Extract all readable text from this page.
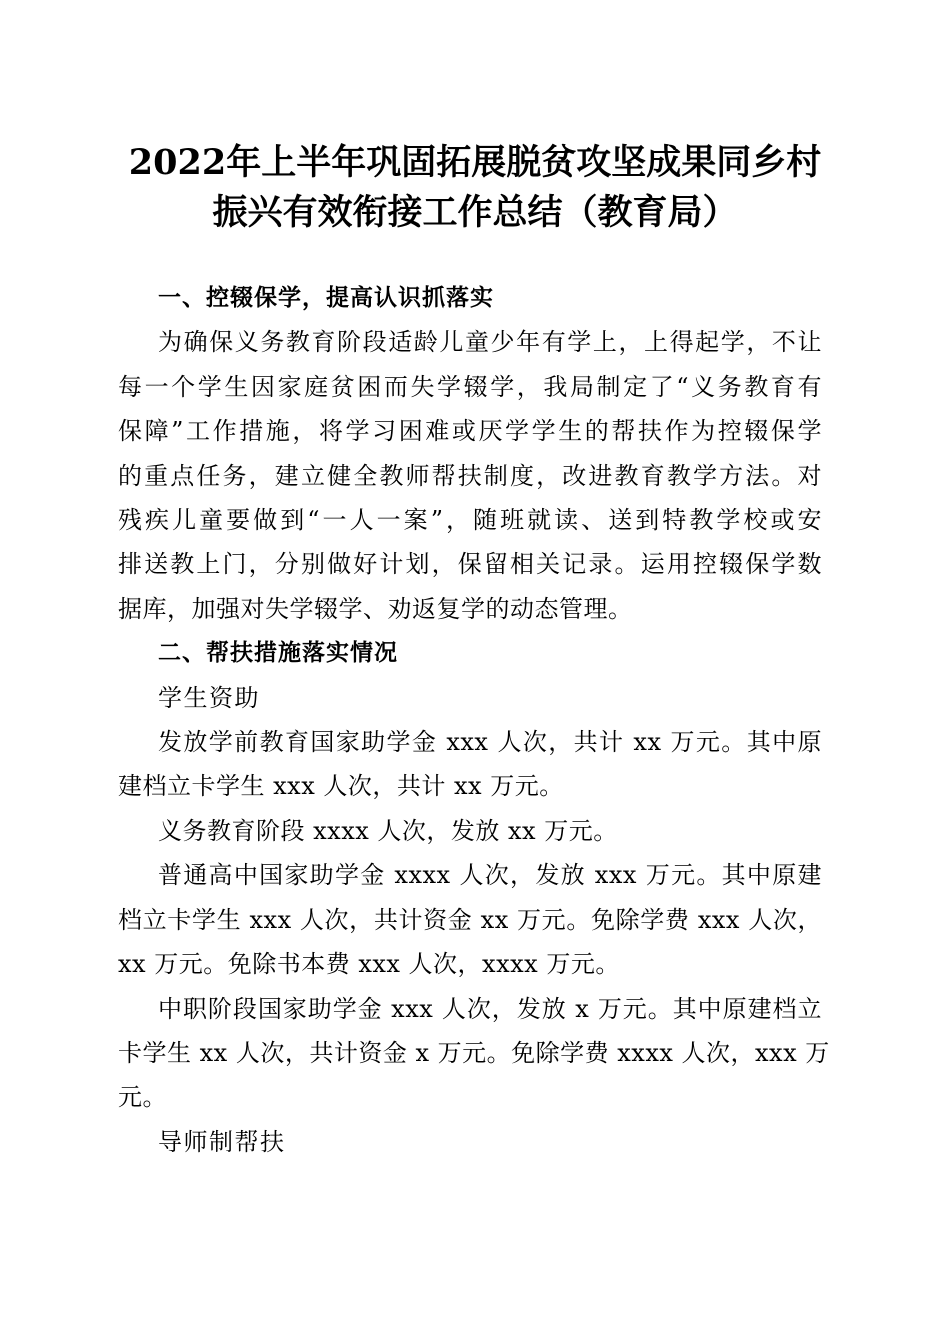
2022年上半年巩固拓展脱贫攻坚成果同乡村
振兴有效衔接工作总结（教育局）

一、控辍保学，提高认识抓落实

为确保义务教育阶段适龄儿童少年有学上，上得起学，不让
每一个学生因家庭贫困而失学辍学，我局制定了“义务教育有
保障”工作措施，将学习困难或厌学学生的帮扶作为控辍保学
的重点任务，建立健全教师帮扶制度，改进教育教学方法。对
残疾儿童要做到“一人一案”，随班就读、送到特教学校或安
排送教上门，分别做好计划，保留相关记录。运用控辍保学数
据库，加强对失学辍学、劝返复学的动态管理。

二、帮扶措施落实情况

学生资助

发放学前教育国家助学金 xxx 人次，共计 xx 万元。其中原
建档立卡学生 xxx 人次，共计 xx 万元。

义务教育阶段 xxxx 人次，发放 xx 万元。

普通高中国家助学金 xxxx 人次，发放 xxx 万元。其中原建
档立卡学生 xxx 人次，共计资金 xx 万元。免除学费 xxx 人次，
xx 万元。免除书本费 xxx 人次，xxxx 万元。

中职阶段国家助学金 xxx 人次，发放 x 万元。其中原建档立
卡学生 xx 人次，共计资金 x 万元。免除学费 xxxx 人次，xxx 万
元。

导师制帮扶
